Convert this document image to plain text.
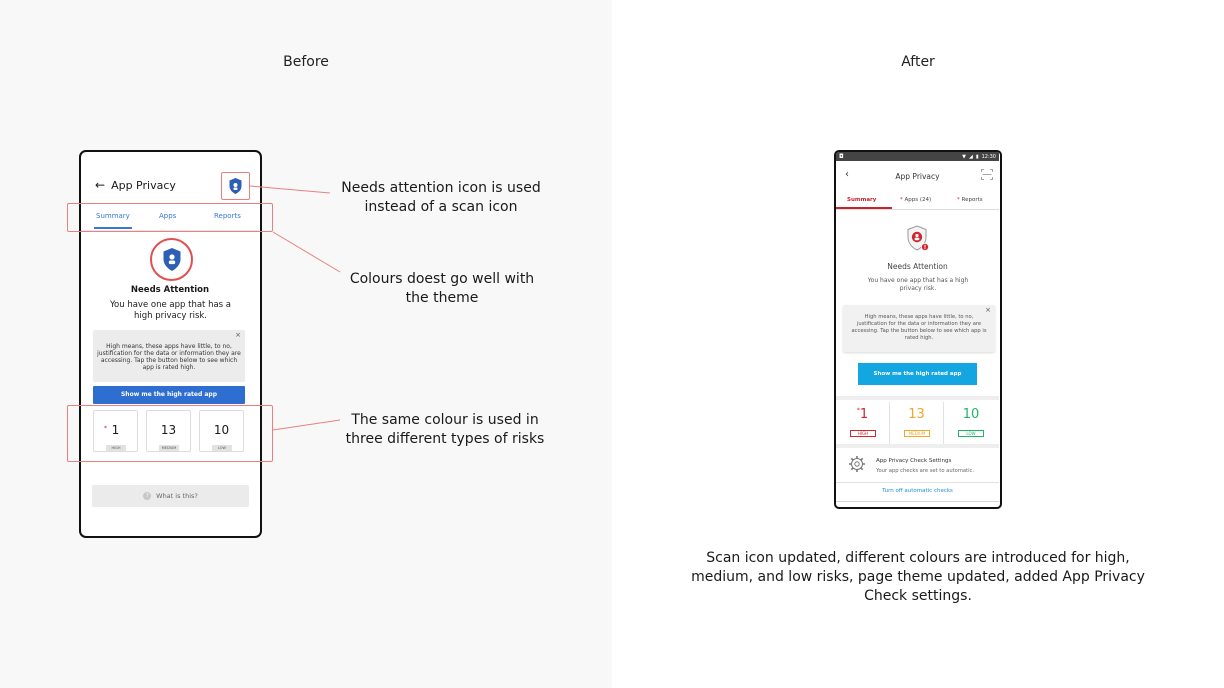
Before	After
← App Privacy
Summary	Apps	Reports
Needs Attention
You have one app that has a high privacy risk.
×
High means, these apps have little, to no, justification for the data or information they are accessing. Tap the button below to see which app is rated high.
Show me the high rated app
* 1
HIGH
13
MEDIUM
10
LOW
?	What is this?
Needs attention icon is used instead of a scan icon
Colours doest go well with the theme
The same colour is used in three different types of risks
◘	▼ ◢ ▮ 12:30
‹	App Privacy
Summary	* Apps (24)	* Reports
Needs Attention
You have one app that has a high privacy risk.
×
High means, these apps have little, to no, justification for the data or information they are accessing. Tap the button below to see which app is rated high.
Show me the high rated app
*1
HIGH
13
MEDIUM
10
LOW
App Privacy Check Settings
Your app checks are set to automatic.
Turn off automatic checks
Scan icon updated, different colours are introduced for high, medium, and low risks, page theme updated, added App Privacy Check settings.
